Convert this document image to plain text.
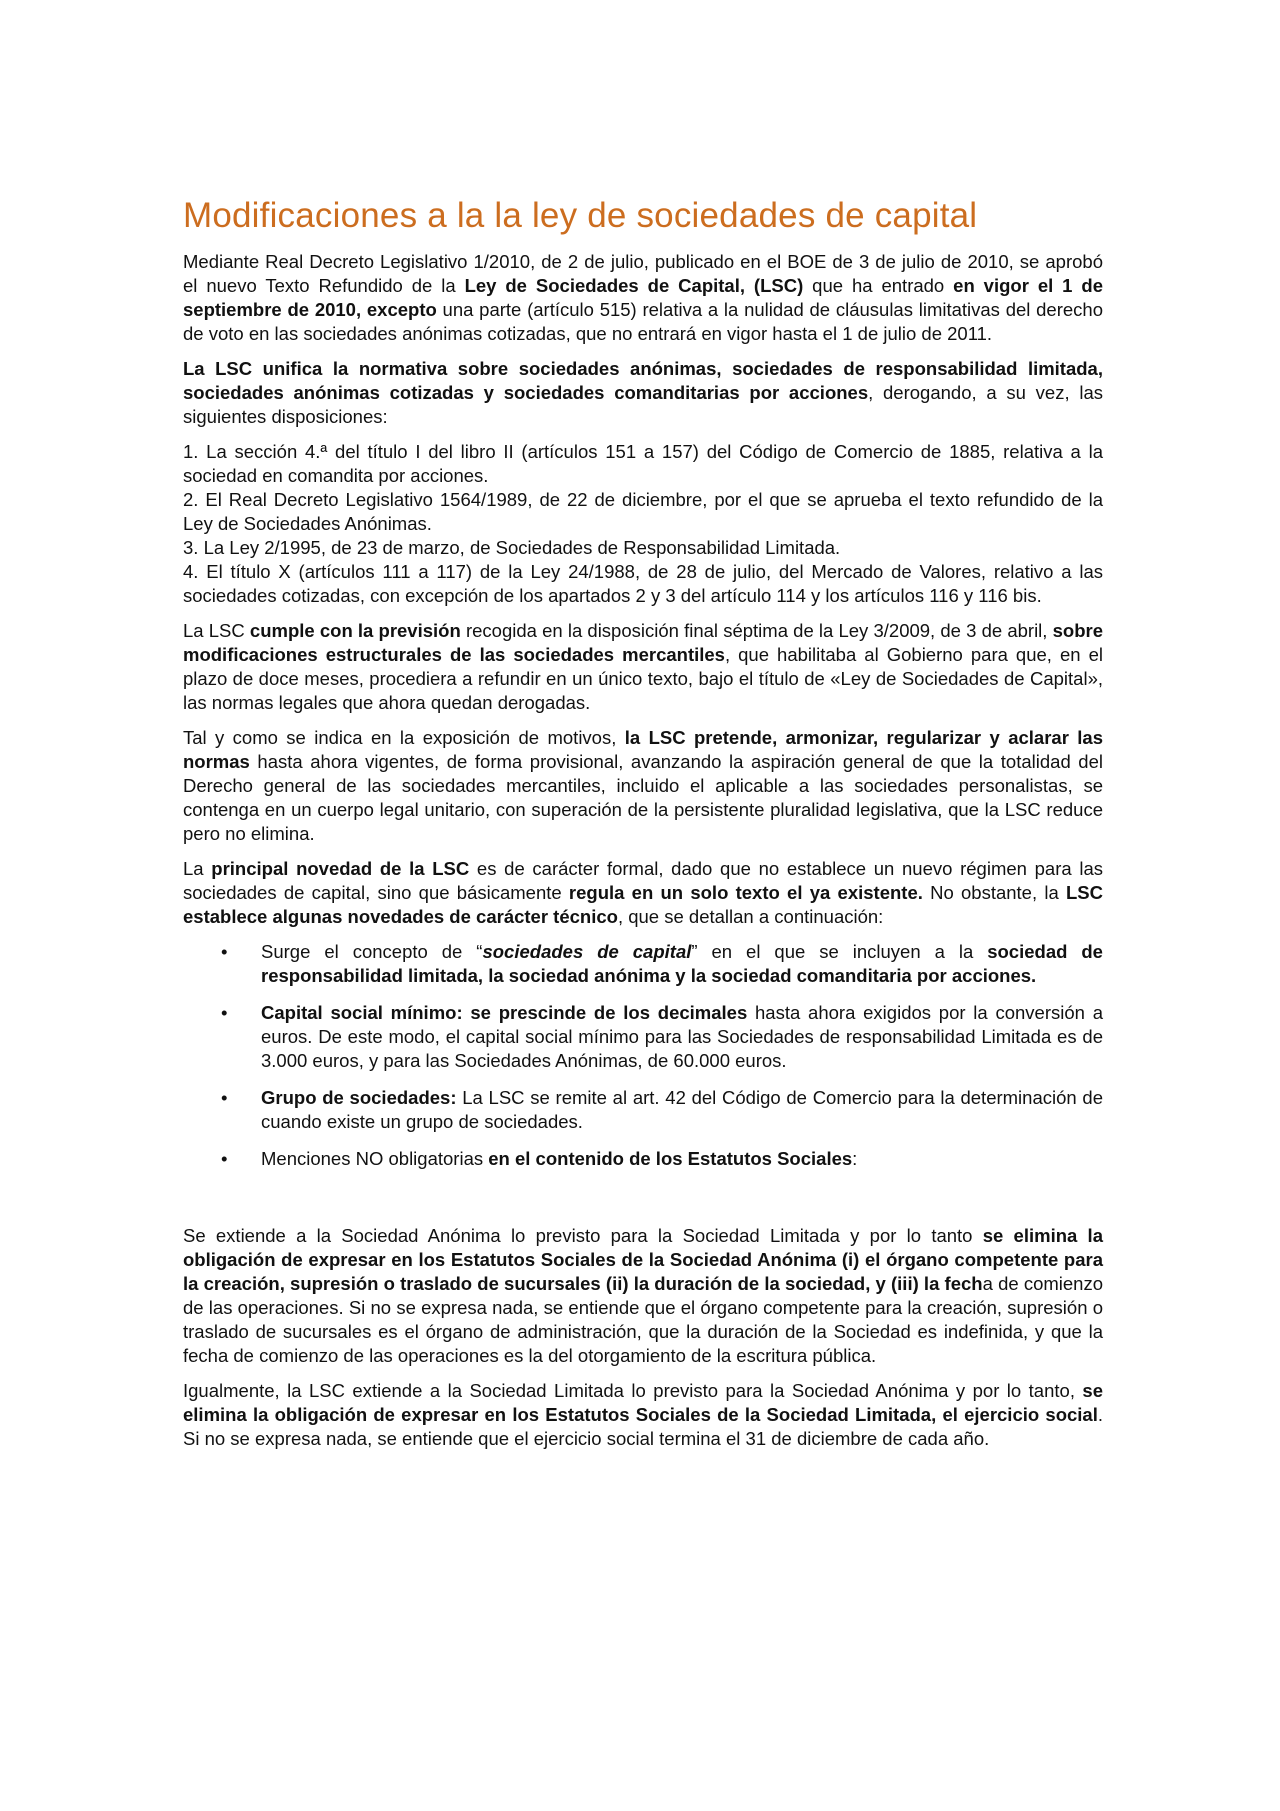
Modificaciones a la la ley de sociedades de capital

Mediante Real Decreto Legislativo 1/2010, de 2 de julio, publicado en el BOE de 3 de julio de 2010, se aprobó el nuevo Texto Refundido de la Ley de Sociedades de Capital, (LSC) que ha entrado en vigor el 1 de septiembre de 2010, excepto una parte (artículo 515) relativa a la nulidad de cláusulas limitativas del derecho de voto en las sociedades anónimas cotizadas, que no entrará en vigor hasta el 1 de julio de 2011.

La LSC unifica la normativa sobre sociedades anónimas, sociedades de responsabilidad limitada, sociedades anónimas cotizadas y sociedades comanditarias por acciones, derogando, a su vez, las siguientes disposiciones:

1. La sección 4.ª del título I del libro II (artículos 151 a 157) del Código de Comercio de 1885, relativa a la sociedad en comandita por acciones.

2. El Real Decreto Legislativo 1564/1989, de 22 de diciembre, por el que se aprueba el texto refundido de la Ley de Sociedades Anónimas.

3. La Ley 2/1995, de 23 de marzo, de Sociedades de Responsabilidad Limitada.

4. El título X (artículos 111 a 117) de la Ley 24/1988, de 28 de julio, del Mercado de Valores, relativo a las sociedades cotizadas, con excepción de los apartados 2 y 3 del artículo 114 y los artículos 116 y 116 bis.

La LSC cumple con la previsión recogida en la disposición final séptima de la Ley 3/2009, de 3 de abril, sobre modificaciones estructurales de las sociedades mercantiles, que habilitaba al Gobierno para que, en el plazo de doce meses, procediera a refundir en un único texto, bajo el título de «Ley de Sociedades de Capital», las normas legales que ahora quedan derogadas.

Tal y como se indica en la exposición de motivos, la LSC pretende, armonizar, regularizar y aclarar las normas hasta ahora vigentes, de forma provisional, avanzando la aspiración general de que la totalidad del Derecho general de las sociedades mercantiles, incluido el aplicable a las sociedades personalistas, se contenga en un cuerpo legal unitario, con superación de la persistente pluralidad legislativa, que la LSC reduce pero no elimina.

La principal novedad de la LSC es de carácter formal, dado que no establece un nuevo régimen para las sociedades de capital, sino que básicamente regula en un solo texto el ya existente. No obstante, la LSC establece algunas novedades de carácter técnico, que se detallan a continuación:

• Surge el concepto de “sociedades de capital” en el que se incluyen a la sociedad de responsabilidad limitada, la sociedad anónima y la sociedad comanditaria por acciones.
• Capital social mínimo: se prescinde de los decimales hasta ahora exigidos por la conversión a euros. De este modo, el capital social mínimo para las Sociedades de responsabilidad Limitada es de 3.000 euros, y para las Sociedades Anónimas, de 60.000 euros.
• Grupo de sociedades: La LSC se remite al art. 42 del Código de Comercio para la determinación de cuando existe un grupo de sociedades.
• Menciones NO obligatorias en el contenido de los Estatutos Sociales:

Se extiende a la Sociedad Anónima lo previsto para la Sociedad Limitada y por lo tanto se elimina la obligación de expresar en los Estatutos Sociales de la Sociedad Anónima (i) el órgano competente para la creación, supresión o traslado de sucursales (ii) la duración de la sociedad, y (iii) la fecha de comienzo de las operaciones. Si no se expresa nada, se entiende que el órgano competente para la creación, supresión o traslado de sucursales es el órgano de administración, que la duración de la Sociedad es indefinida, y que la fecha de comienzo de las operaciones es la del otorgamiento de la escritura pública.

Igualmente, la LSC extiende a la Sociedad Limitada lo previsto para la Sociedad Anónima y por lo tanto, se elimina la obligación de expresar en los Estatutos Sociales de la Sociedad Limitada, el ejercicio social. Si no se expresa nada, se entiende que el ejercicio social termina el 31 de diciembre de cada año.
